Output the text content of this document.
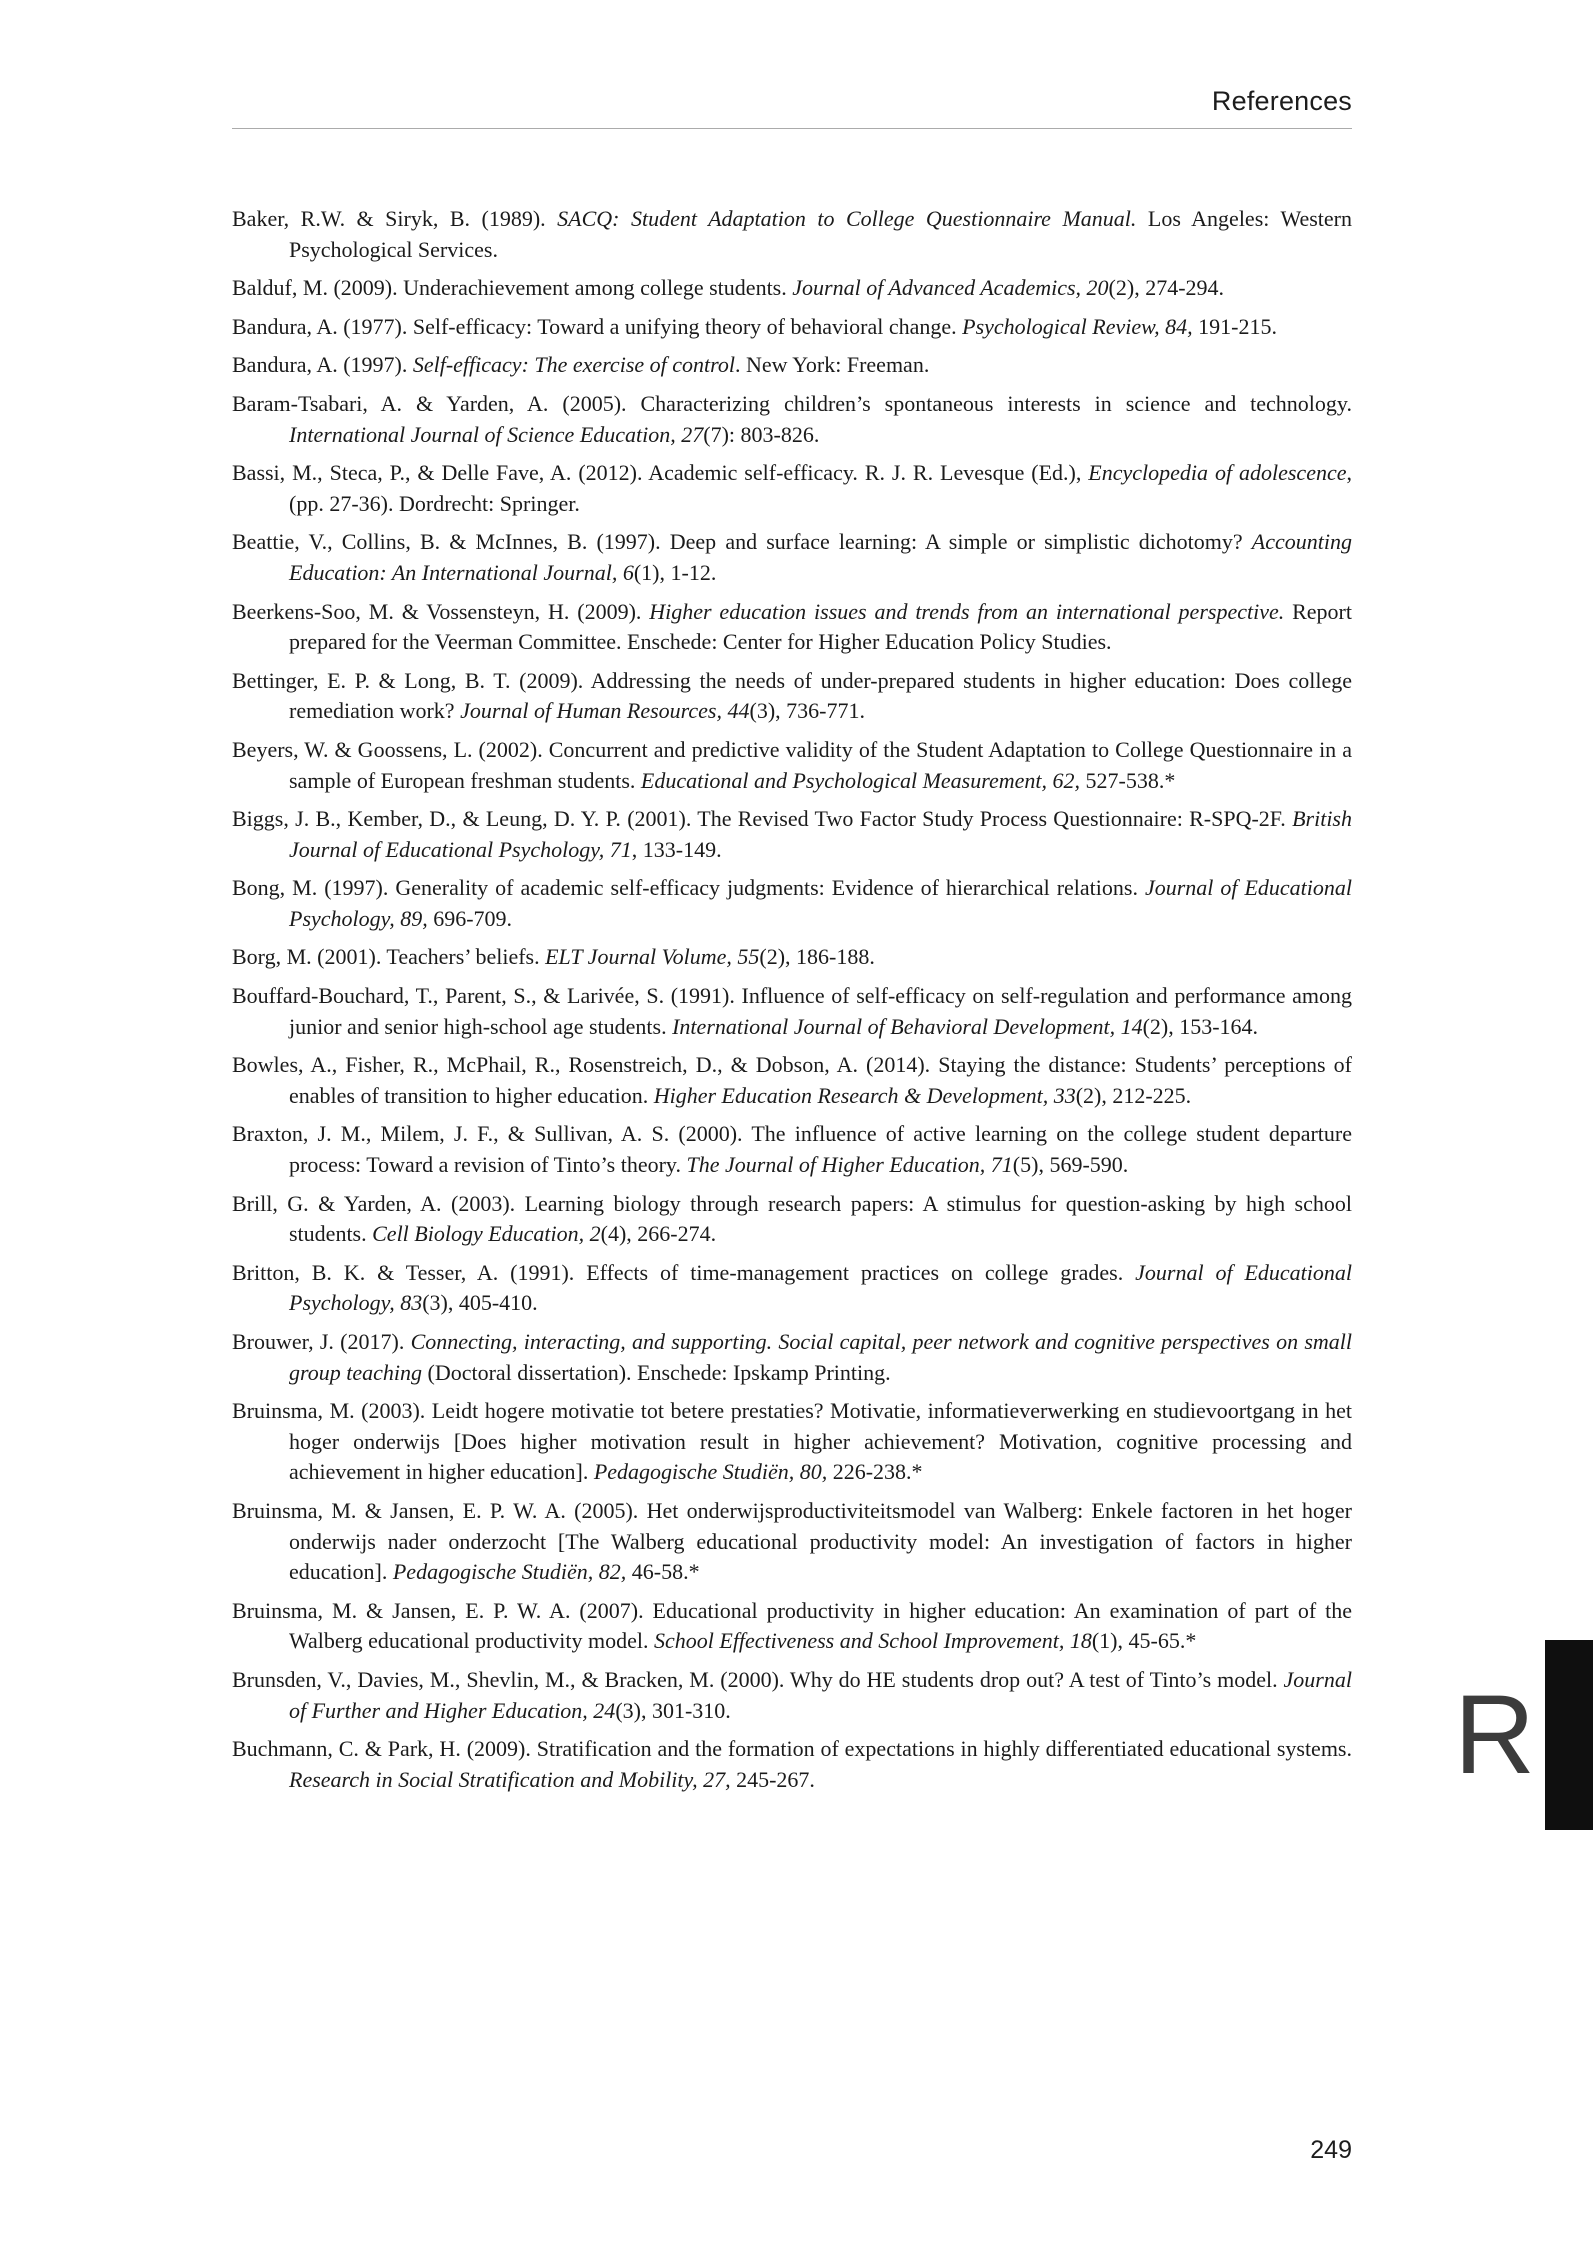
References

Baker, R.W. & Siryk, B. (1989). SACQ: Student Adaptation to College Questionnaire Manual. Los Angeles: Western Psychological Services.

Balduf, M. (2009). Underachievement among college students. Journal of Advanced Academics, 20(2), 274-294.

Bandura, A. (1977). Self-efficacy: Toward a unifying theory of behavioral change. Psychological Review, 84, 191-215.

Bandura, A. (1997). Self-efficacy: The exercise of control. New York: Freeman.

Baram-Tsabari, A. & Yarden, A. (2005). Characterizing children’s spontaneous interests in science and technology. International Journal of Science Education, 27(7): 803-826.

Bassi, M., Steca, P., & Delle Fave, A. (2012). Academic self-efficacy. R. J. R. Levesque (Ed.), Encyclopedia of adolescence, (pp. 27-36). Dordrecht: Springer.

Beattie, V., Collins, B. & McInnes, B. (1997). Deep and surface learning: A simple or simplistic dichotomy? Accounting Education: An International Journal, 6(1), 1-12.

Beerkens-Soo, M. & Vossensteyn, H. (2009). Higher education issues and trends from an international perspective. Report prepared for the Veerman Committee. Enschede: Center for Higher Education Policy Studies.

Bettinger, E. P. & Long, B. T. (2009). Addressing the needs of under-prepared students in higher education: Does college remediation work? Journal of Human Resources, 44(3), 736-771.

Beyers, W. & Goossens, L. (2002). Concurrent and predictive validity of the Student Adaptation to College Questionnaire in a sample of European freshman students. Educational and Psychological Measurement, 62, 527-538.*

Biggs, J. B., Kember, D., & Leung, D. Y. P. (2001). The Revised Two Factor Study Process Questionnaire: R-SPQ-2F. British Journal of Educational Psychology, 71, 133-149.

Bong, M. (1997). Generality of academic self-efficacy judgments: Evidence of hierarchical relations. Journal of Educational Psychology, 89, 696-709.

Borg, M. (2001). Teachers’ beliefs. ELT Journal Volume, 55(2), 186-188.

Bouffard-Bouchard, T., Parent, S., & Larivée, S. (1991). Influence of self-efficacy on self-regulation and performance among junior and senior high-school age students. International Journal of Behavioral Development, 14(2), 153-164.

Bowles, A., Fisher, R., McPhail, R., Rosenstreich, D., & Dobson, A. (2014). Staying the distance: Students’ perceptions of enables of transition to higher education. Higher Education Research & Development, 33(2), 212-225.

Braxton, J. M., Milem, J. F., & Sullivan, A. S. (2000). The influence of active learning on the college student departure process: Toward a revision of Tinto’s theory. The Journal of Higher Education, 71(5), 569-590.

Brill, G. & Yarden, A. (2003). Learning biology through research papers: A stimulus for question-asking by high school students. Cell Biology Education, 2(4), 266-274.

Britton, B. K. & Tesser, A. (1991). Effects of time-management practices on college grades. Journal of Educational Psychology, 83(3), 405-410.

Brouwer, J. (2017). Connecting, interacting, and supporting. Social capital, peer network and cognitive perspectives on small group teaching (Doctoral dissertation). Enschede: Ipskamp Printing.

Bruinsma, M. (2003). Leidt hogere motivatie tot betere prestaties? Motivatie, informatieverwerking en studievoortgang in het hoger onderwijs [Does higher motivation result in higher achievement? Motivation, cognitive processing and achievement in higher education]. Pedagogische Studiën, 80, 226-238.*

Bruinsma, M. & Jansen, E. P. W. A. (2005). Het onderwijsproductiviteitsmodel van Walberg: Enkele factoren in het hoger onderwijs nader onderzocht [The Walberg educational productivity model: An investigation of factors in higher education]. Pedagogische Studiën, 82, 46-58.*

Bruinsma, M. & Jansen, E. P. W. A. (2007). Educational productivity in higher education: An examination of part of the Walberg educational productivity model. School Effectiveness and School Improvement, 18(1), 45-65.*

Brunsden, V., Davies, M., Shevlin, M., & Bracken, M. (2000). Why do HE students drop out? A test of Tinto’s model. Journal of Further and Higher Education, 24(3), 301-310.

Buchmann, C. & Park, H. (2009). Stratification and the formation of expectations in highly differentiated educational systems. Research in Social Stratification and Mobility, 27, 245-267.	R
249
